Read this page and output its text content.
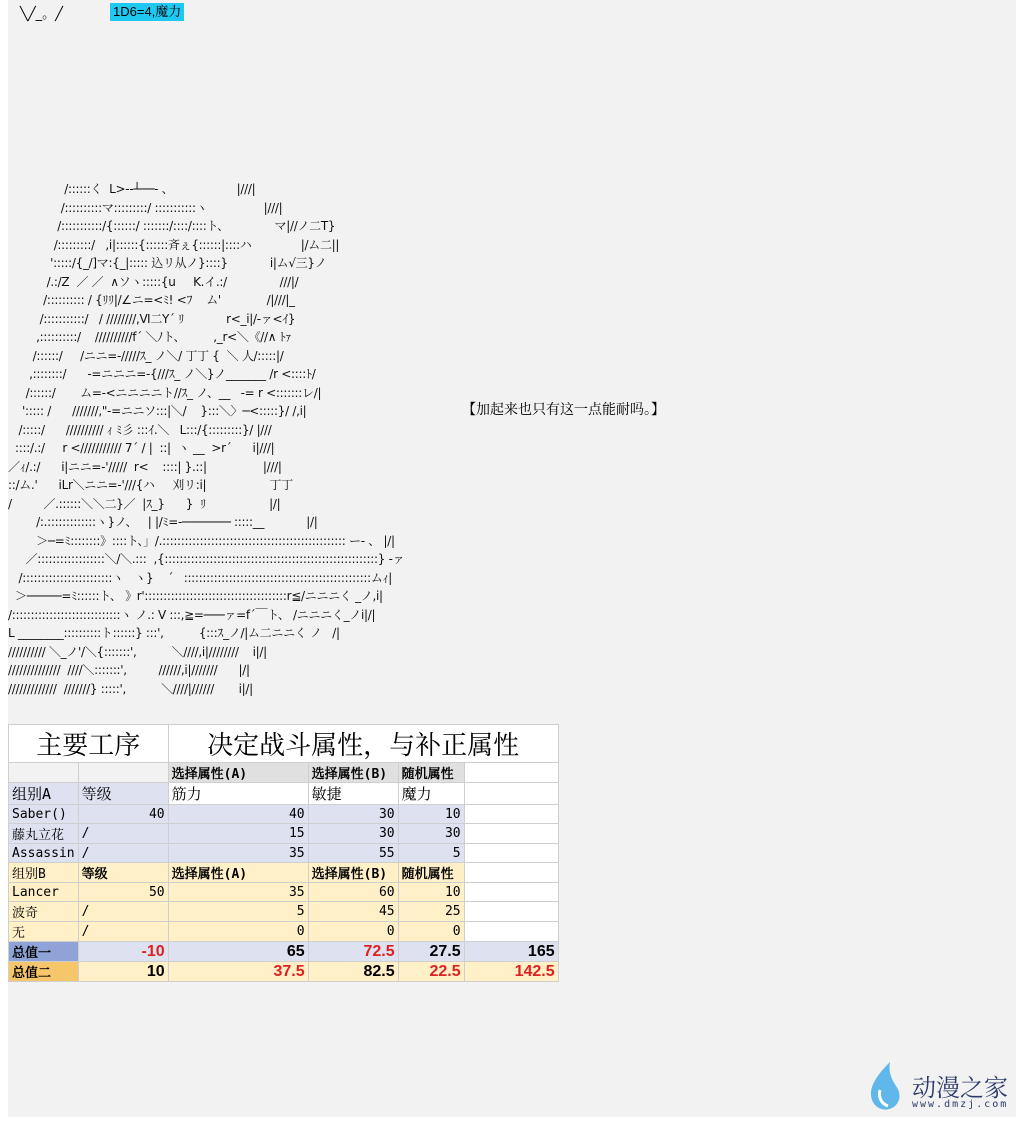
╲╱_。╱	1D6=4,魔力
/::::::く  L>--┴──- 、                  |///|
/::::::::::マ:::::::::/ :::::::::::ヽ                |///|
/:::::::::::/{::::::/ :::::::/::::/::::ト、             マ|//ノ二T}
/:::::::::/   ,i|::::::{::::::斉ぇ{::::::|::::ハ              |/ム二||
':::::/{_/]マ:{_|::::: 込リ从ノ}::::}            i|ム√三}ノ
/.:/Z  ／ ／  ∧ソヽ:::::{u     K.イ.:/               ///|/
/:::::::::: / {ﾘﾘ|/∠ニ=<ﾐ! <ﾌ    ム'             /|///|_
/:::::::::::/   / ////////,Ⅵ二Y´ ﾘ            r<_i|/-ァ<ｲ}
,::::::::::/    //////////f´ ＼ﾉト、        ,_r<＼《//∧ ﾄｧ
/::::::/     /ニニ=-/////ｽ_ ノ＼/ 丁丁 {  ＼ 人/:::::|/
,::::::::/      -=ニニニ=-{///ｽ_ ノ＼}ノ_______ /r <::::ﾄ/
/::::::/       ム=-<ニニニニト//ｽ_ ノ、__   -= r <:::::::レ/|
'::::: /      ///////,"-=ニニソ:::|＼/    }:::＼〉─<:::::}/ /,i|
/:::::/      ////////// ｨ ﾐ彡 :::ｲ.＼   L:::/{:::::::::}/ |///
::::/.:/     r </////////// 7´ / |  ::|  ヽ __  >r´      i|///|
／ｨ/.:/      i|ニニ=-'/////  r<    ::::| }.::|                |///|
::/ム.'      iLr＼ニニ=-'///{ハ     刈リ:i|                  丁丁
/         ／.::::::＼＼二}／  |ｽ_}      }  ﾘ                  |/|
/:.:::::::::::::ヽ}ノ、   | |/ﾐ=-─────── :::::__            |/|
＞─=ﾐ::::::::》::::ト、」/.::::::::::::::::::::::::::::::::::::::::::::::::: ー- 、 |/|
／::::::::::::::::::＼/＼.:::  ,{:::::::::::::::::::::::::::::::::::::::::::::::::::::::::} -ァ
/::::::::::::::::::::::::ヽ   ヽ}    ´   ::::::::::::::::::::::::::::::::::::::::::::::::::ムｨ|
＞─────=ﾐ::::::ト、 》r'::::::::::::::::::::::::::::::::::::::r≦/ニニニく _ノ,i|
/:::::::::::::::::::::::::::::ヽ ノ.: Ⅴ :::,≧=───ァ=f´￣ト、 /ニニニく_ノi|/|
L ________::::::::::ト::::::} :::',          {:::ｽ_ノ/|ム二ニニく ノ   /|
////////// ＼_ノ'/＼{:::::::',          ＼////,i|////////    i|/|
//////////////  ////＼:::::::',         //////,i|///////      |/|
/////////////  ///////} :::::',          ＼////|//////       i|/|
【加起来也只有这一点能耐吗。】
主要工序		决定战斗属性，与补正属性			
		选择属性(A)	选择属性(B)	随机属性	
组别A	等级	筋力	敏捷	魔力	
Saber()	40	40	30	10	
藤丸立花	/	15	30	30	
Assassin	/	35	55	5	
组别B	等级	选择属性(A)	选择属性(B)	随机属性	
Lancer	50	35	60	10	
波奇	/	5	45	25	
无	/	0	0	0	
总值一	-10	65	72.5	27.5	165
总值二	10	37.5	82.5	22.5	142.5
动漫之家
www.dmzj.com
